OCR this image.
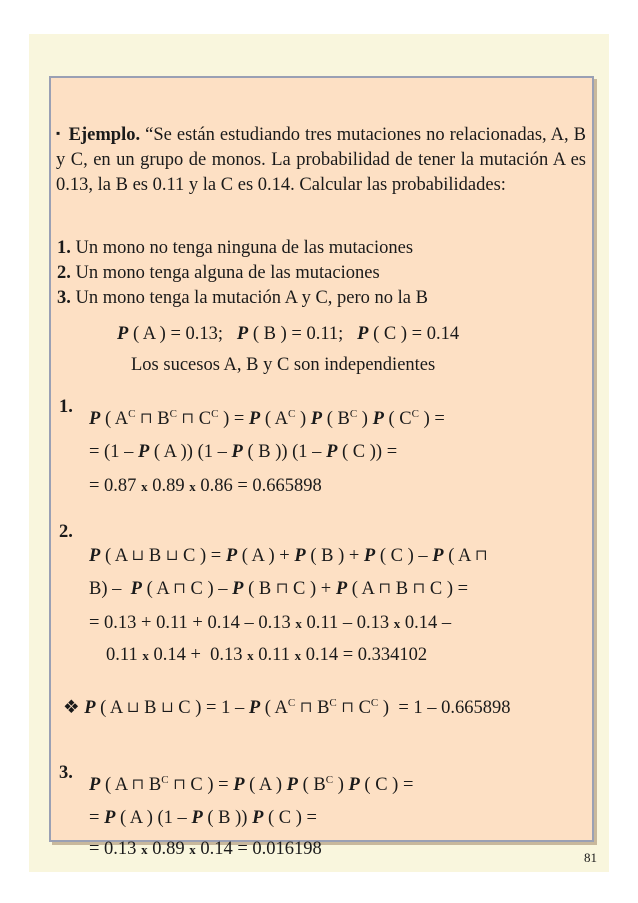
▪ Ejemplo. “Se están estudiando tres mutaciones no relacionadas, A, B y C, en un grupo de monos. La probabilidad de tener la mutación A es 0.13, la B es 0.11 y la C es 0.14. Calcular las probabilidades:
1. Un mono no tenga ninguna de las mutaciones
2. Un mono tenga alguna de las mutaciones
3. Un mono tenga la mutación A y C, pero no la B
P ( A ) = 0.13; P ( B ) = 0.11; P ( C ) = 0.14
Los sucesos A, B y C son independientes
1.
P ( $A^C$ ⊓ $B^C$ ⊓ $C^C$ ) = P ( $A^C$ ) P ( $B^C$ ) P ( $C^C$ ) =
= (1 – P ( A )) (1 – P ( B )) (1 – P ( C )) =
= 0.87 x 0.89 x 0.86 = 0.665898
2.
P ( A ⊔ B ⊔ C ) = P ( A ) + P ( B ) + P ( C ) – P ( A ⊓
B) –  P ( A ⊓ C ) – P ( B ⊓ C ) + P ( A ⊓ B ⊓ C ) =
= 0.13 + 0.11 + 0.14 – 0.13 x 0.11 – 0.13 x 0.14 –
0.11 x 0.14 +  0.13 x 0.11 x 0.14 = 0.334102
❖ P ( A ⊔ B ⊔ C ) = 1 – P ( $A^C$ ⊓ $B^C$ ⊓ $C^C$ )  = 1 – 0.665898
3.
P ( A ⊓ $B^C$ ⊓ C ) = P ( A ) P ( $B^C$ ) P ( C ) =
= P ( A ) (1 – P ( B )) P ( C ) =
= 0.13 x 0.89 x 0.14 = 0.016198	81
